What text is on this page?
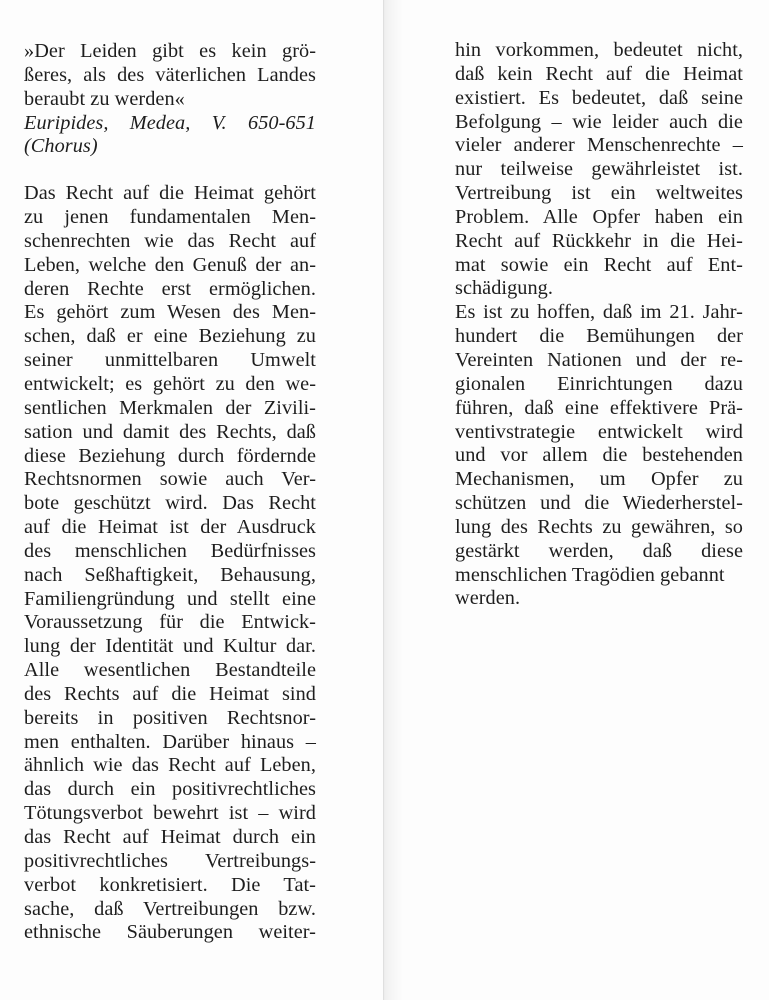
»Der Leiden gibt es kein grö-
ßeres, als des väterlichen Landes
beraubt zu werden«
Euripides, Medea, V. 650-651
(Chorus)
Das Recht auf die Heimat gehört
zu jenen fundamentalen Men-
schenrechten wie das Recht auf
Leben, welche den Genuß der an-
deren Rechte erst ermöglichen.
Es gehört zum Wesen des Men-
schen, daß er eine Beziehung zu
seiner unmittelbaren Umwelt
entwickelt; es gehört zu den we-
sentlichen Merkmalen der Zivili-
sation und damit des Rechts, daß
diese Beziehung durch fördernde
Rechtsnormen sowie auch Ver-
bote geschützt wird. Das Recht
auf die Heimat ist der Ausdruck
des menschlichen Bedürfnisses
nach Seßhaftigkeit, Behausung,
Familiengründung und stellt eine
Voraussetzung für die Entwick-
lung der Identität und Kultur dar.
Alle wesentlichen Bestandteile
des Rechts auf die Heimat sind
bereits in positiven Rechtsnor-
men enthalten. Darüber hinaus –
ähnlich wie das Recht auf Leben,
das durch ein positivrechtliches
Tötungsverbot bewehrt ist – wird
das Recht auf Heimat durch ein
positivrechtliches Vertreibungs-
verbot konkretisiert. Die Tat-
sache, daß Vertreibungen bzw.
ethnische Säuberungen weiter-
hin vorkommen, bedeutet nicht,
daß kein Recht auf die Heimat
existiert. Es bedeutet, daß seine
Befolgung – wie leider auch die
vieler anderer Menschenrechte –
nur teilweise gewährleistet ist.
Vertreibung ist ein weltweites
Problem. Alle Opfer haben ein
Recht auf Rückkehr in die Hei-
mat sowie ein Recht auf Ent-
schädigung.
Es ist zu hoffen, daß im 21. Jahr-
hundert die Bemühungen der
Vereinten Nationen und der re-
gionalen Einrichtungen dazu
führen, daß eine effektivere Prä-
ventivstrategie entwickelt wird
und vor allem die bestehenden
Mechanismen, um Opfer zu
schützen und die Wiederherstel-
lung des Rechts zu gewähren, so
gestärkt werden, daß diese
menschlichen Tragödien gebannt
werden.
